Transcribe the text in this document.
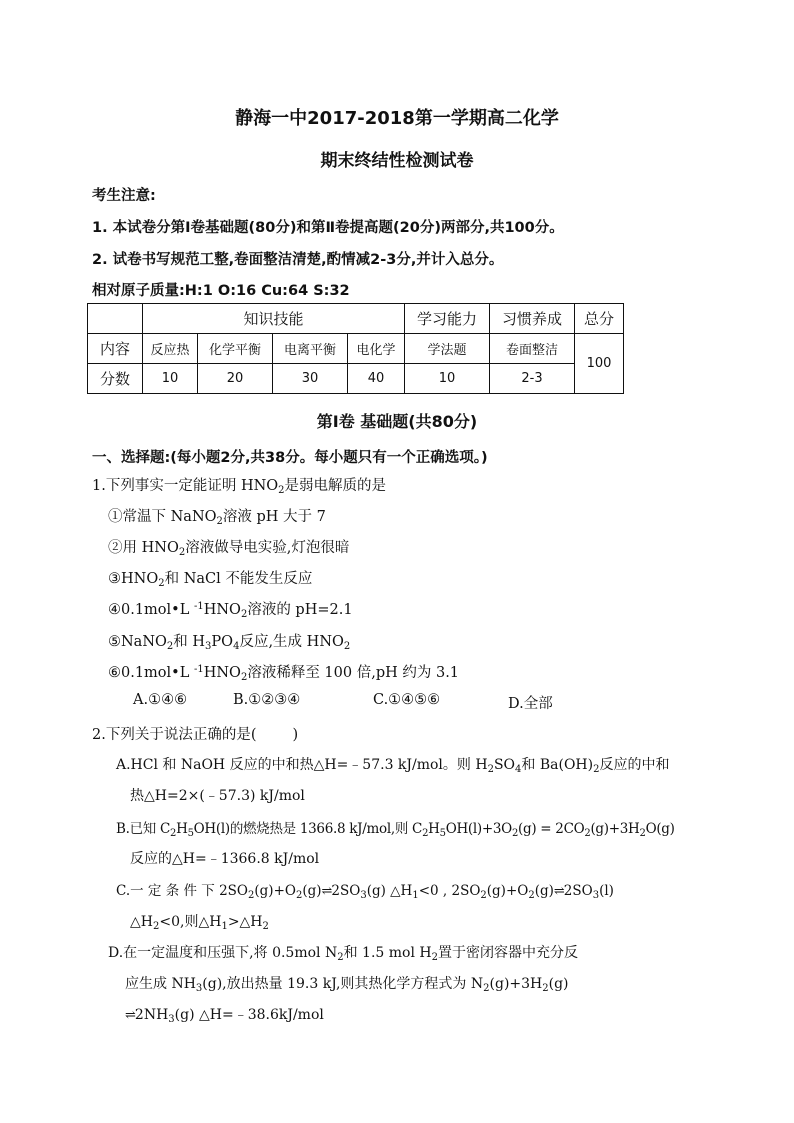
静海一中2017-2018第一学期高二化学
期末终结性检测试卷
考生注意:
1. 本试卷分第Ⅰ卷基础题(80分)和第Ⅱ卷提高题(20分)两部分,共100分。
2. 试卷书写规范工整,卷面整洁清楚,酌情减2-3分,并计入总分。
相对原子质量:H:1 O:16 Cu:64 S:32
	知识技能				学习能力	习惯养成	总分
内容	反应热	化学平衡	电离平衡	电化学	学法题	卷面整洁	100
分数	10	20	30	40	10	2-3	
第Ⅰ卷 基础题(共80分)
一、选择题:(每小题2分,共38分。每小题只有一个正确选项。)
1.下列事实一定能证明 $HNO_2$是弱电解质的是
①常温下 NaNO$_2$溶液 pH 大于 7
②用 $HNO_2$溶液做导电实验,灯泡很暗
$③HNO_2$和 NaCl 不能发生反应
④0.1mol•L $^{-1}HNO_2$溶液的 pH=2.1
⑤NaNO$_2$和 $H_3PO_4$反应,生成 $HNO_2$
⑥0.1mol•L $^{-1}HNO_2$溶液稀释至 100 倍,pH 约为 3.1
A.①④⑥	B.①②③④	C.①④⑤⑥	D.全部
2.下列关于说法正确的是( )
A.HCl 和 NaOH 反应的中和热△H=﹣57.3 kJ/mol。则 $H_2SO_4$和 $Ba(OH)_2$反应的中和
热△H=2×(﹣57.3) kJ/mol
B.已知 $C_2H_5OH(l)$的燃烧热是 1366.8 kJ/mol,则 $C_2H_5OH(l)+3O_2(g) = 2CO_2(g)+3H_2O(g)$
反应的△H=﹣1366.8 kJ/mol
C.一 定 条 件 下 $2SO_2(g)+O_2(g)\rightleftharpoons 2SO_3(g)$ $\triangle H_1<0$ , $2SO_2(g)+O_2(g)\rightleftharpoons 2SO_3(l)$
$\triangle H_2<0$,则$\triangle H_1>\triangle H_2$
D.在一定温度和压强下,将 0.5mol $N_2$和 1.5 mol $H_2$置于密闭容器中充分反
应生成 $NH_3(g)$,放出热量 19.3 kJ,则其热化学方程式为 $N_2(g)+3H_2(g)$
$\rightleftharpoons 2NH_3(g)$ △H=﹣38.6kJ/mol
